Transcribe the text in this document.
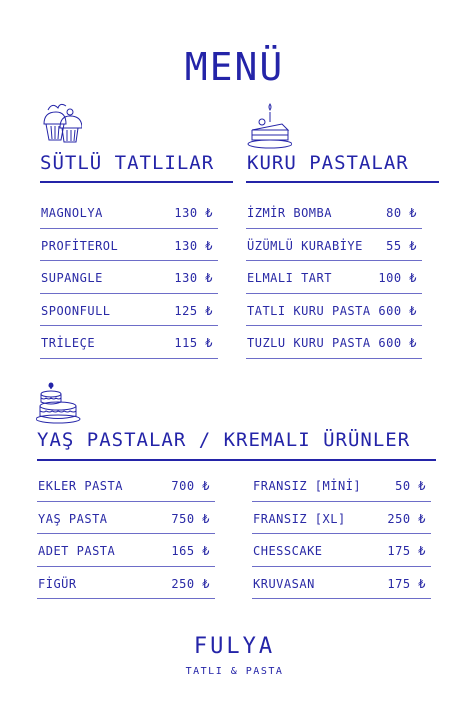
MENÜ
SÜTLÜ TATLILAR KURU PASTALAR
MAGNOLYA	130 ₺
PROFİTEROL	130 ₺
SUPANGLE	130 ₺
SPOONFULL	125 ₺
TRİLEÇE	115 ₺
İZMİR BOMBA	80 ₺
ÜZÜMLÜ KURABİYE 55 ₺
ELMALI TART	100 ₺
TATLI KURU PASTA 600 ₺
TUZLU KURU PASTA 600 ₺
YAŞ PASTALAR / KREMALI ÜRÜNLER
EKLER PASTA	700 ₺
YAŞ PASTA	750 ₺
ADET PASTA	165 ₺
FİGÜR	250 ₺
FRANSIZ [MİNİ]	50 ₺
FRANSIZ [XL]	250 ₺
CHESSCAKE	175 ₺
KRUVASAN	175 ₺
FULYA
TATLI & PASTA
